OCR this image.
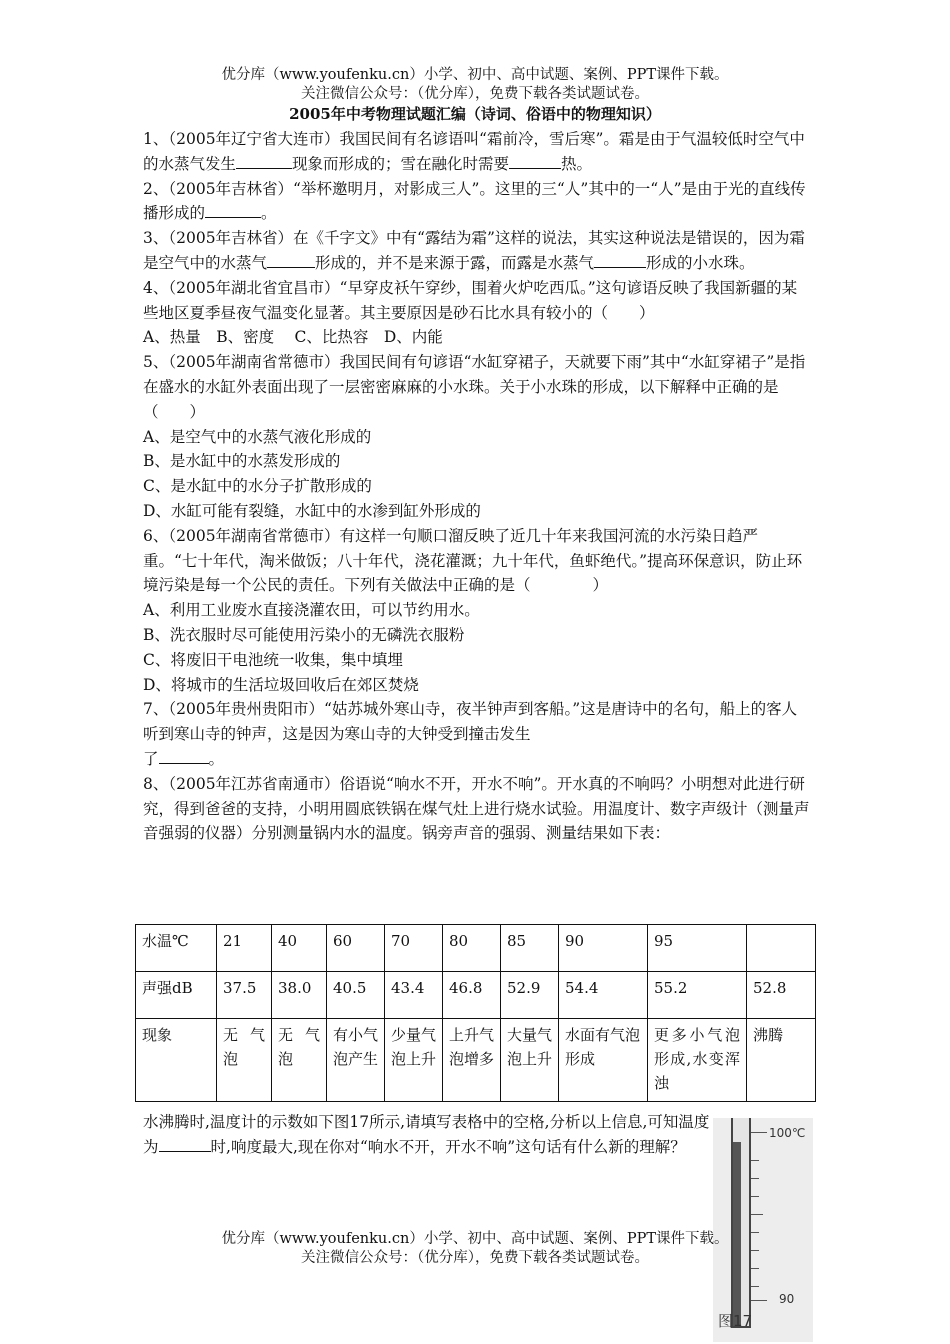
优分库（www.youfenku.cn）小学、初中、高中试题、案例、PPT课件下载。
关注微信公众号：（优分库），免费下载各类试题试卷。
2005年中考物理试题汇编（诗词、俗语中的物理知识）

1、（2005年辽宁省大连市）我国民间有名谚语叫“霜前冷，雪后寒”。霜是由于气温较低时空气中的水蒸气发生	现象而形成的；雪在融化时需要	热。

2、（2005年吉林省）“举杯邀明月，对影成三人”。这里的三“人”其中的一“人”是由于光的直线传播形成的	。

3、（2005年吉林省）在《千字文》中有“露结为霜”这样的说法，其实这种说法是错误的，因为霜是空气中的水蒸气	形成的，并不是来源于露，而露是水蒸气	形成的小水珠。

4、（2005年湖北省宜昌市）“早穿皮袄午穿纱，围着火炉吃西瓜。”这句谚语反映了我国新疆的某些地区夏季昼夜气温变化显著。其主要原因是砂石比水具有较小的（　　）

A、热量　B、密度　 C、比热容　D、内能

5、（2005年湖南省常德市）我国民间有句谚语“水缸穿裙子，天就要下雨”其中“水缸穿裙子”是指在盛水的水缸外表面出现了一层密密麻麻的小水珠。关于小水珠的形成，以下解释中正确的是（　　）

A、是空气中的水蒸气液化形成的

B、是水缸中的水蒸发形成的

C、是水缸中的水分子扩散形成的

D、水缸可能有裂缝，水缸中的水渗到缸外形成的

6、（2005年湖南省常德市）有这样一句顺口溜反映了近几十年来我国河流的水污染日趋严重。“七十年代，淘米做饭；八十年代，浇花灌溉；九十年代，鱼虾绝代。”提高环保意识，防止环境污染是每一个公民的责任。下列有关做法中正确的是（　　　　）

A、利用工业废水直接浇灌农田，可以节约用水。

B、洗衣服时尽可能使用污染小的无磷洗衣服粉

C、将废旧干电池统一收集，集中填埋

D、将城市的生活垃圾回收后在郊区焚烧

7、（2005年贵州贵阳市）“姑苏城外寒山寺，夜半钟声到客船。”这是唐诗中的名句，船上的客人听到寒山寺的钟声，这是因为寒山寺的大钟受到撞击发生
了	。

8、（2005年江苏省南通市）俗语说“响水不开，开水不响”。开水真的不响吗？小明想对此进行研究，得到爸爸的支持，小明用圆底铁锅在煤气灶上进行烧水试验。用温度计、数字声级计（测量声音强弱的仪器）分别测量锅内水的温度。锅旁声音的强弱、测量结果如下表：

水温℃	21	40	60	70	80	85	90	95	
声强dB	37.5	38.0	40.5	43.4	46.8	52.9	54.4	55.2	52.8
现象	无气泡	无气泡	有小气泡产生	少量气泡上升	上升气泡增多	大量气泡上升	水面有气泡形成	更多小气泡形成,水变浑浊	沸腾

水沸腾时,温度计的示数如下图17所示,请填写表格中的空格,分析以上信息,可知温度为	时,响度最大,现在你对“响水不开，开水不响”这句话有什么新的理解？

100℃
90
图17
优分库（www.youfenku.cn）小学、初中、高中试题、案例、PPT课件下载。
关注微信公众号：（优分库），免费下载各类试题试卷。
